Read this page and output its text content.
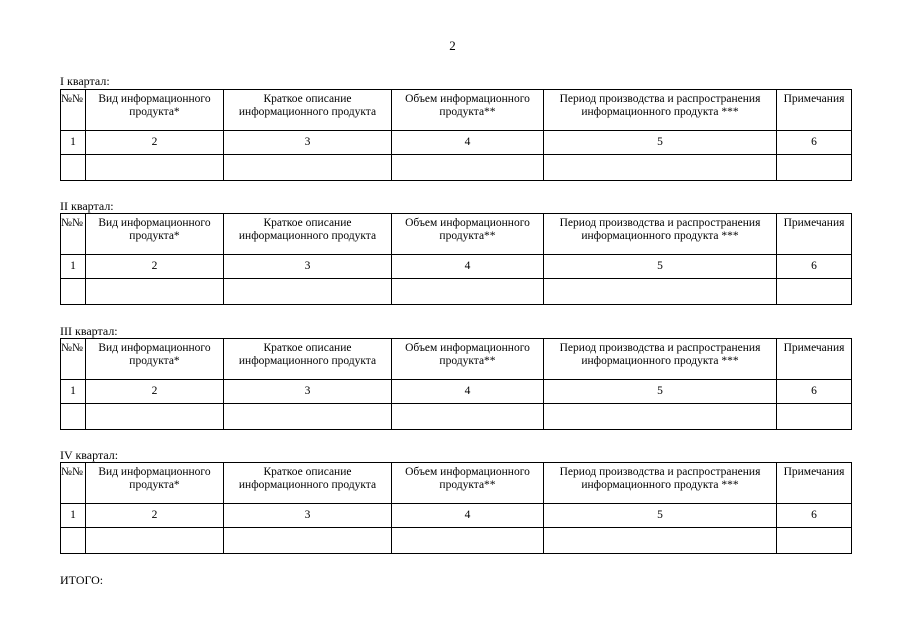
2
I квартал:
№№	Вид информационного продукта*	Краткое описание информационного продукта	Объем информационного продукта**	Период производства и распространения информационного продукта ***	Примечания
1	2	3	4	5	6

II квартал:
№№	Вид информационного продукта*	Краткое описание информационного продукта	Объем информационного продукта**	Период производства и распространения информационного продукта ***	Примечания
1	2	3	4	5	6

III квартал:
№№	Вид информационного продукта*	Краткое описание информационного продукта	Объем информационного продукта**	Период производства и распространения информационного продукта ***	Примечания
1	2	3	4	5	6

IV квартал:
№№	Вид информационного продукта*	Краткое описание информационного продукта	Объем информационного продукта**	Период производства и распространения информационного продукта ***	Примечания
1	2	3	4	5	6

ИТОГО:
